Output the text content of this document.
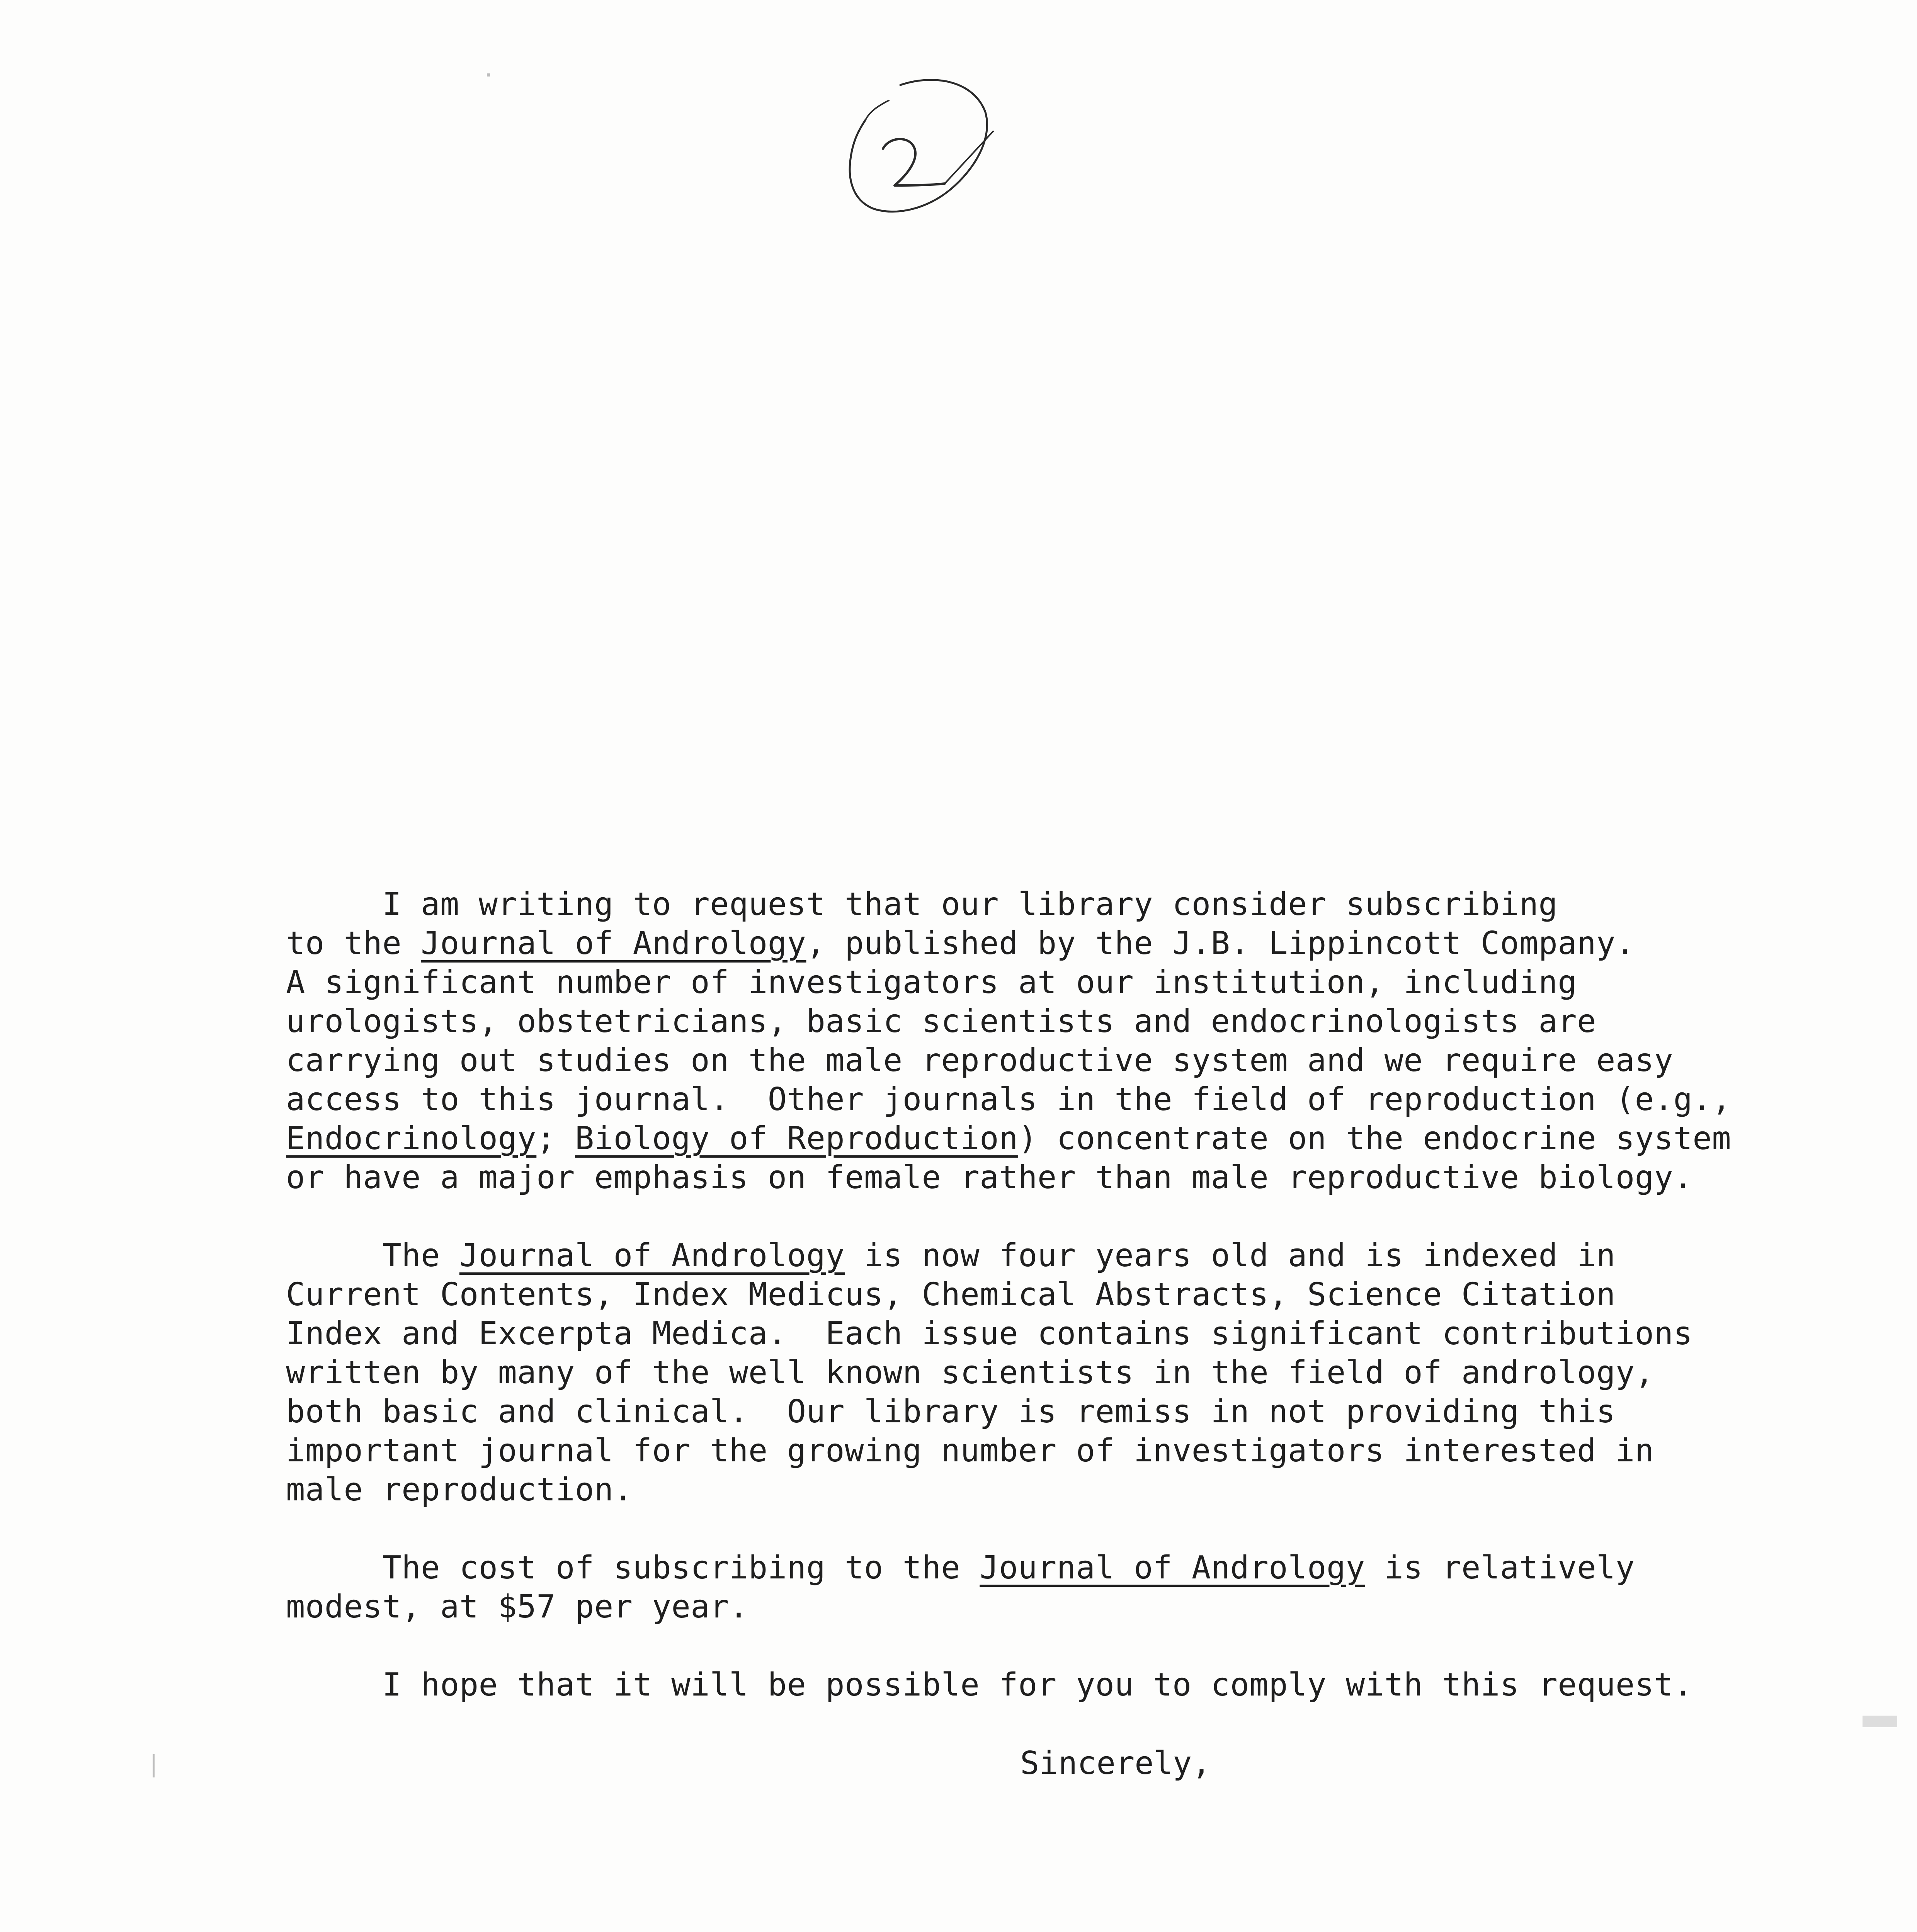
I am writing to request that our library consider subscribing
to the Journal of Andrology, published by the J.B. Lippincott Company.
A significant number of investigators at our institution, including
urologists, obstetricians, basic scientists and endocrinologists are
carrying out studies on the male reproductive system and we require easy
access to this journal.  Other journals in the field of reproduction (e.g.,
Endocrinology; Biology of Reproduction) concentrate on the endocrine system
or have a major emphasis on female rather than male reproductive biology.
The Journal of Andrology is now four years old and is indexed in
Current Contents, Index Medicus, Chemical Abstracts, Science Citation
Index and Excerpta Medica.  Each issue contains significant contributions
written by many of the well known scientists in the field of andrology,
both basic and clinical.  Our library is remiss in not providing this
important journal for the growing number of investigators interested in
male reproduction.
The cost of subscribing to the Journal of Andrology is relatively
modest, at $57 per year.
I hope that it will be possible for you to comply with this request.
Sincerely,
